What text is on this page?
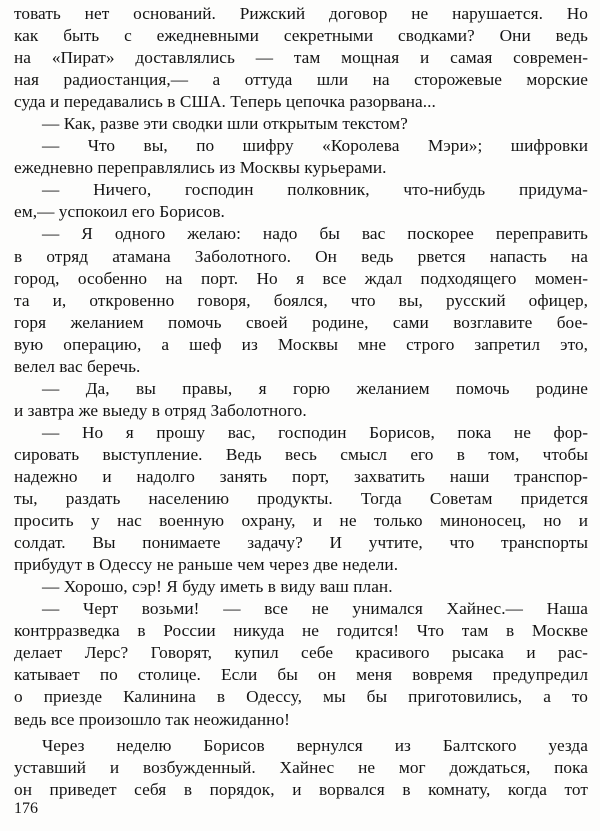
товать нет оснований. Рижский договор не нарушается. Но
как быть с ежедневными секретными сводками? Они ведь
на «Пират» доставлялись — там мощная и самая современ-
ная радиостанция,— а оттуда шли на сторожевые морские
суда и передавались в США. Теперь цепочка разорвана...
— Как, разве эти сводки шли открытым текстом?
— Что вы, по шифру «Королева Мэри»; шифровки
ежедневно переправлялись из Москвы курьерами.
— Ничего, господин полковник, что-нибудь придума-
ем,— успокоил его Борисов.
— Я одного желаю: надо бы вас поскорее переправить
в отряд атамана Заболотного. Он ведь рвется напасть на
город, особенно на порт. Но я все ждал подходящего момен-
та и, откровенно говоря, боялся, что вы, русский офицер,
горя желанием помочь своей родине, сами возглавите бое-
вую операцию, а шеф из Москвы мне строго запретил это,
велел вас беречь.
— Да, вы правы, я горю желанием помочь родине
и завтра же выеду в отряд Заболотного.
— Но я прошу вас, господин Борисов, пока не фор-
сировать выступление. Ведь весь смысл его в том, чтобы
надежно и надолго занять порт, захватить наши транспор-
ты, раздать населению продукты. Тогда Советам придется
просить у нас военную охрану, и не только миноносец, но и
солдат. Вы понимаете задачу? И учтите, что транспорты
прибудут в Одессу не раньше чем через две недели.
— Хорошо, сэр! Я буду иметь в виду ваш план.
— Черт возьми! — все не унимался Хайнес.— Наша
контрразведка в России никуда не годится! Что там в Москве
делает Лерс? Говорят, купил себе красивого рысака и рас-
катывает по столице. Если бы он меня вовремя предупредил
о приезде Калинина в Одессу, мы бы приготовились, а то
ведь все произошло так неожиданно!
Через неделю Борисов вернулся из Балтского уезда
уставший и возбужденный. Хайнес не мог дождаться, пока
он приведет себя в порядок, и ворвался в комнату, когда тот
176
